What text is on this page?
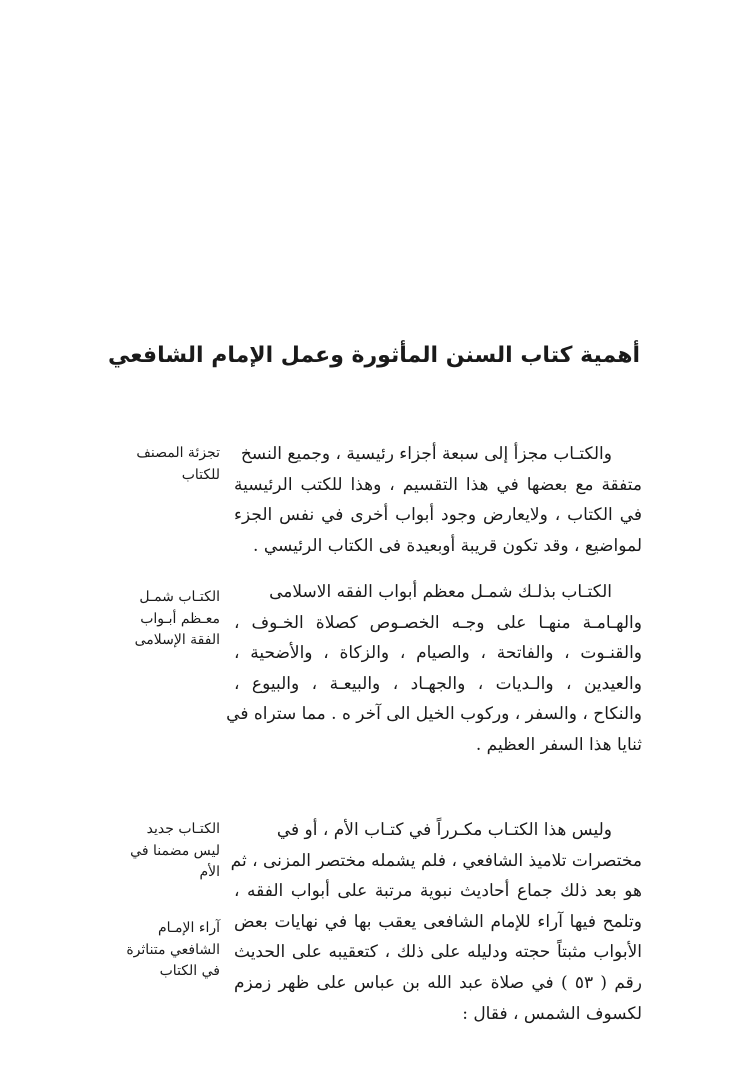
أهمية كتاب السنن المأثورة وعمل الإمام الشافعي
والكتـاب مجزأ إلى سبعة أجزاء رئيسية ، وجميع النسخ
متفقة مع بعضها في هذا التقسيم ، وهذا للكتب الرئيسية
في الكتاب ، ولايعارض وجود أبواب أخرى في نفس الجزء
لمواضيع ، وقد تكون قريبة أوبعيدة فى الكتاب الرئيسي .
الكتـاب بذلـك شمـل معظم أبواب الفقه الاسلامى
والهـامـة منهـا على وجـه الخصـوص كصلاة الخـوف ،
والقنـوت ، والفاتحة ، والصيام ، والزكاة ، والأضحية ،
والعيدين ، والـديات ، والجهـاد ، والبيعـة ، والبيوع ،
والنكاح ، والسفر ، وركوب الخيل الى آخر ه . مما ستراه في
ثنايا هذا السفر العظيم .
وليس هذا الكتـاب مكـرراً في كتـاب الأم ، أو في
مختصرات تلاميذ الشافعي ، فلم يشمله مختصر المزنى ، ثم
هو بعد ذلك جماع أحاديث نبوية مرتبة على أبواب الفقه ،
وتلمح فيها آراء للإمام الشافعى يعقب بها في نهايات بعض
الأبواب مثبتاً حجته ودليله على ذلك ، كتعقيبه على الحديث
رقم ( ٥٣ ) في صلاة عبد الله بن عباس على ظهر زمزم
لكسوف الشمس ، فقال :
تجزئة المصنف
للكتاب
الكتـاب شمـل
معـظم أبـواب
الفقة الإسلامى
الكتـاب جديد
ليس مضمنا في
الأم
آراء الإمـام
الشافعي متناثرة
في الكتاب
